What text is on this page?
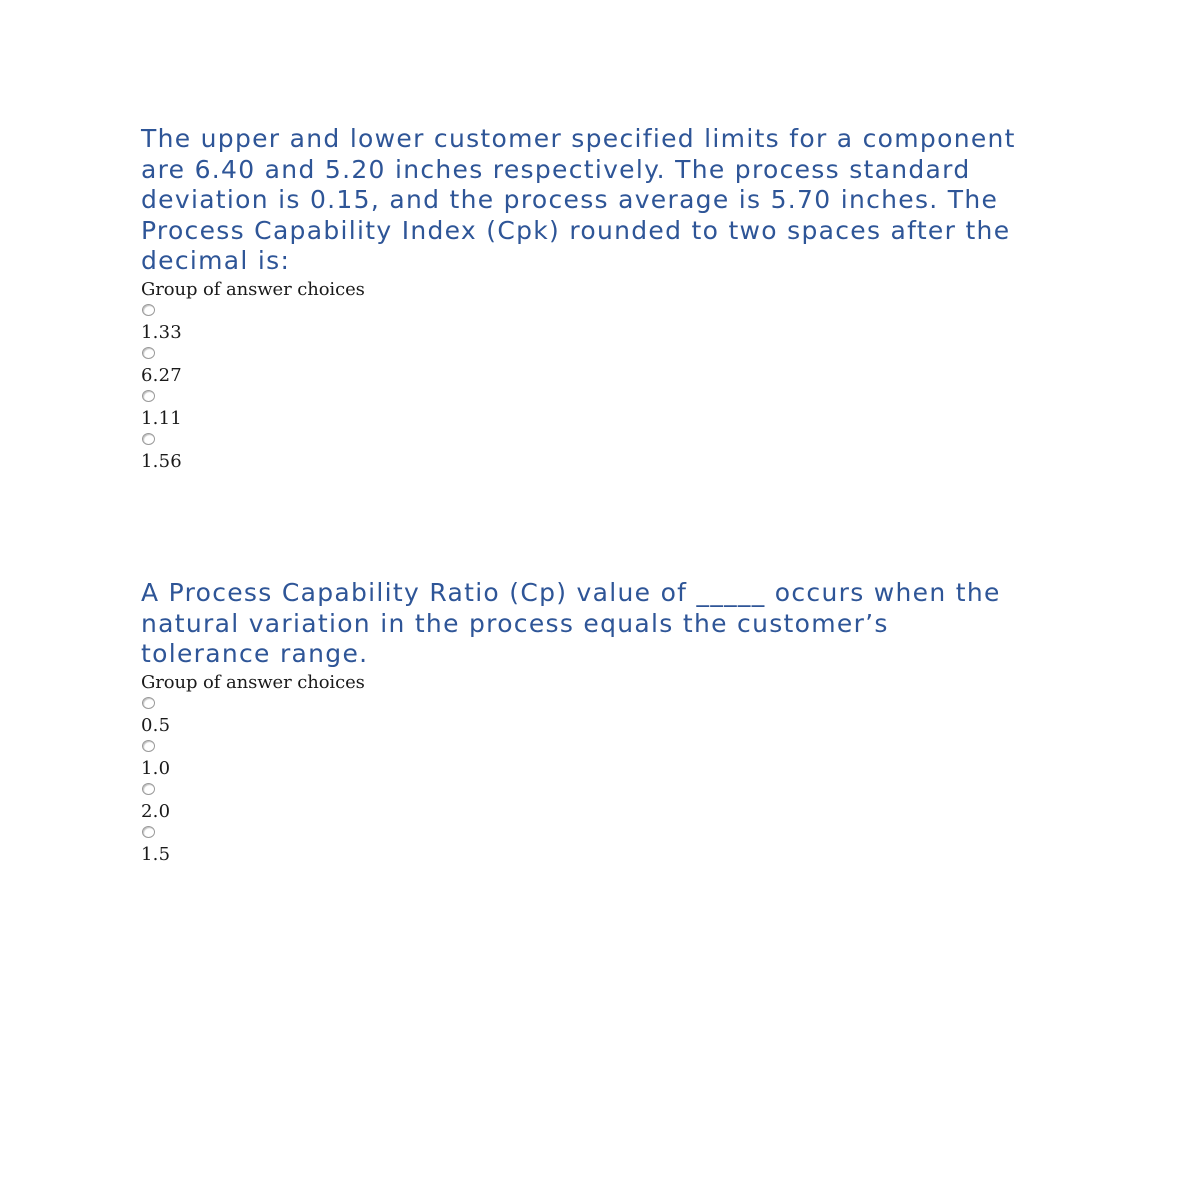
The upper and lower customer specified limits for a component are 6.40 and 5.20 inches respectively. The process standard deviation is 0.15, and the process average is 5.70 inches. The Process Capability Index (Cpk) rounded to two spaces after the decimal is:
Group of answer choices
1.33
6.27
1.11
1.56
A Process Capability Ratio (Cp) value of _____ occurs when the natural variation in the process equals the customer’s tolerance range.
Group of answer choices
0.5
1.0
2.0
1.5
